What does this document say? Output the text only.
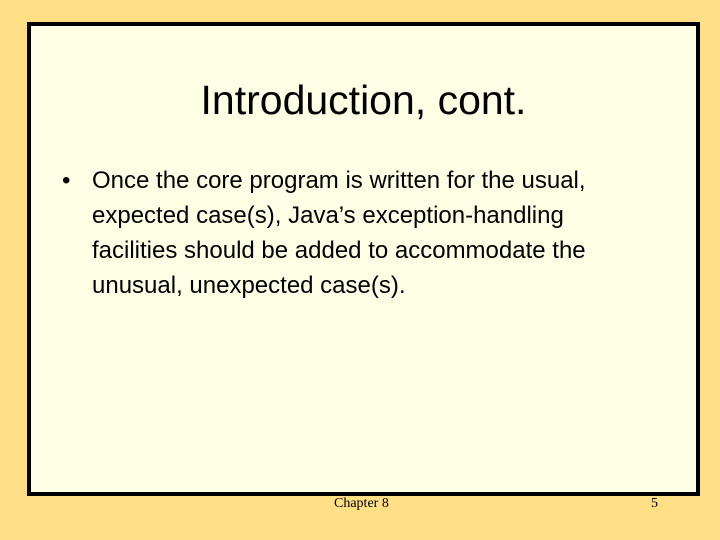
Introduction, cont.
• Once the core program is written for the usual, expected case(s), Java’s exception-handling facilities should be added to accommodate the unusual, unexpected case(s).
Chapter 8	5
